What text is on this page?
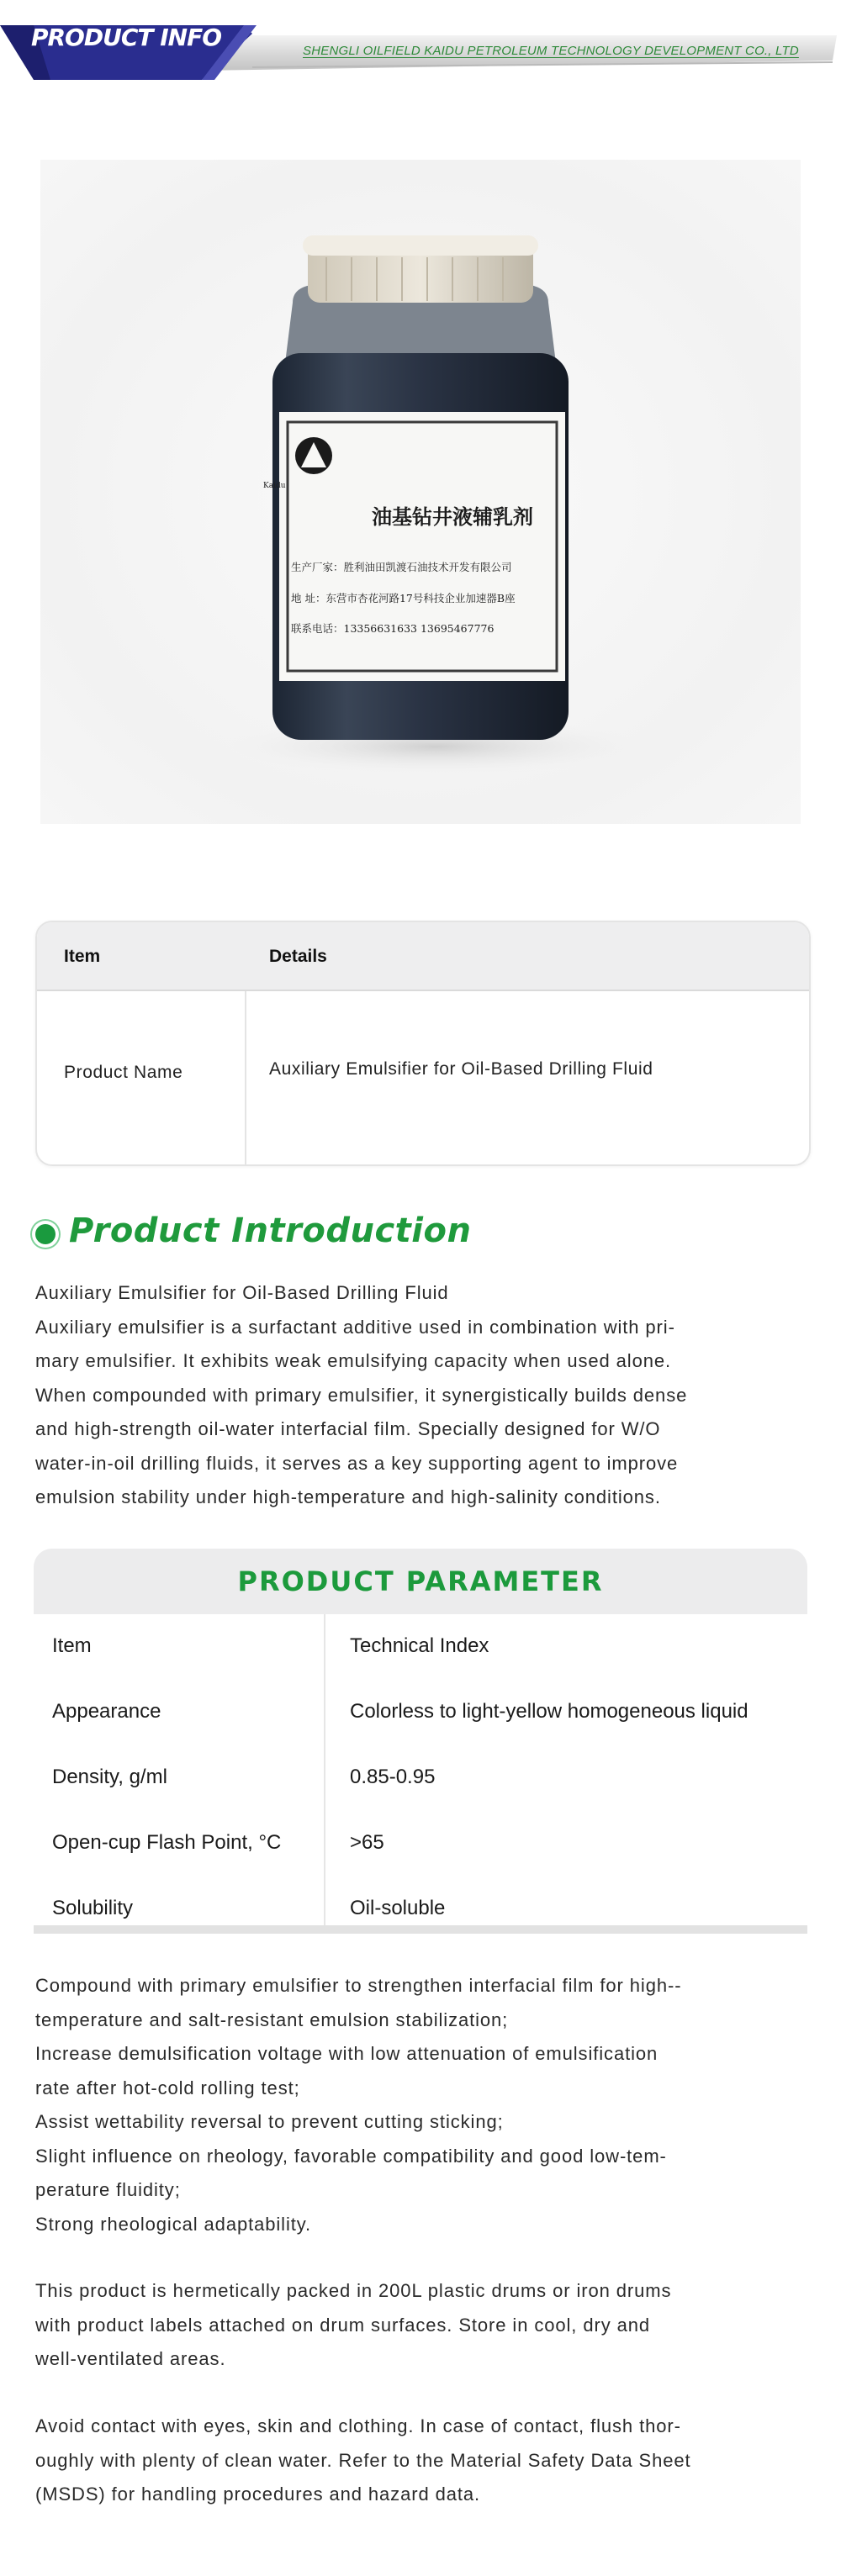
PRODUCT INFO	SHENGLI OILFIELD KAIDU PETROLEUM TECHNOLOGY DEVELOPMENT CO., LTD
Kaidu
油基钻井液辅乳剂
生产厂家：胜利油田凯渡石油技术开发有限公司
地 址：东营市杏花河路17号科技企业加速器B座
联系电话：13356631633 13695467776
Item	Details
Product Name	Auxiliary Emulsifier for Oil-Based Drilling Fluid
Product Introduction

Auxiliary Emulsifier for Oil-Based Drilling Fluid

Auxiliary emulsifier is a surfactant additive used in combination with pri-

mary emulsifier. It exhibits weak emulsifying capacity when used alone.

When compounded with primary emulsifier, it synergistically builds dense

and high-strength oil-water interfacial film. Specially designed for W/O

water-in-oil drilling fluids, it serves as a key supporting agent to improve

emulsion stability under high-temperature and high-salinity conditions.

PRODUCT PARAMETER
Item	Technical Index
Appearance	Colorless to light-yellow homogeneous liquid
Density, g/ml	0.85-0.95
Open-cup Flash Point, °C	>65
Solubility	Oil-soluble

Compound with primary emulsifier to strengthen interfacial film for high--

temperature and salt-resistant emulsion stabilization;

Increase demulsification voltage with low attenuation of emulsification

rate after hot-cold rolling test;

Assist wettability reversal to prevent cutting sticking;

Slight influence on rheology, favorable compatibility and good low-tem-

perature fluidity;

Strong rheological adaptability.

This product is hermetically packed in 200L plastic drums or iron drums

with product labels attached on drum surfaces. Store in cool, dry and

well-ventilated areas.

Avoid contact with eyes, skin and clothing. In case of contact, flush thor-

oughly with plenty of clean water. Refer to the Material Safety Data Sheet

(MSDS) for handling procedures and hazard data.
